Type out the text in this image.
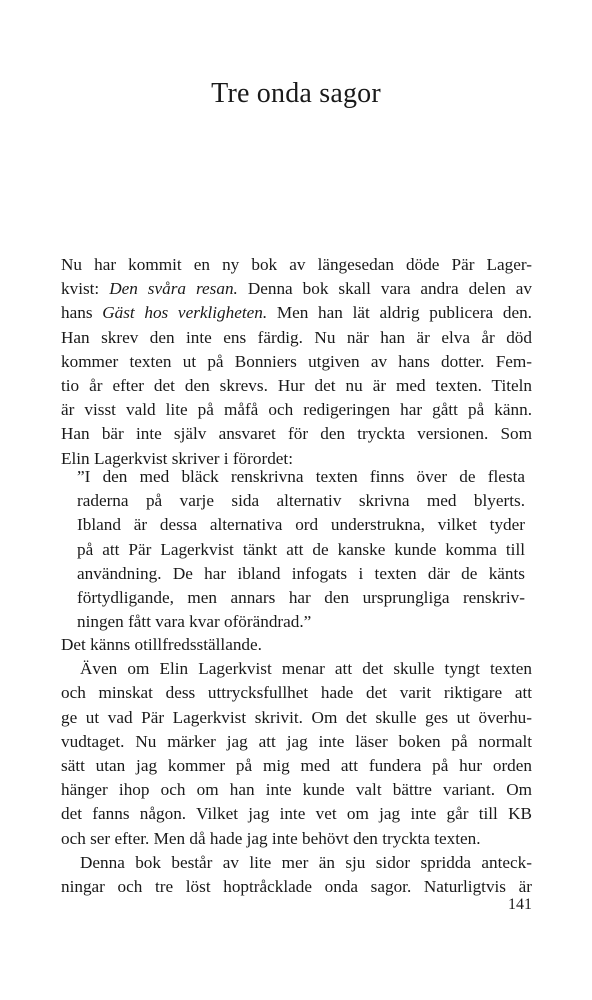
Tre onda sagor
Nu har kommit en ny bok av längesedan döde Pär Lager-
kvist: Den svåra resan. Denna bok skall vara andra delen av
hans Gäst hos verkligheten. Men han lät aldrig publicera den.
Han skrev den inte ens färdig. Nu när han är elva år död
kommer texten ut på Bonniers utgiven av hans dotter. Fem-
tio år efter det den skrevs. Hur det nu är med texten. Titeln
är visst vald lite på måfå och redigeringen har gått på känn.
Han bär inte själv ansvaret för den tryckta versionen. Som
Elin Lagerkvist skriver i förordet:
”I den med bläck renskrivna texten finns över de flesta
raderna på varje sida alternativ skrivna med blyerts.
Ibland är dessa alternativa ord understrukna, vilket tyder
på att Pär Lagerkvist tänkt att de kanske kunde komma till
användning. De har ibland infogats i texten där de känts
förtydligande, men annars har den ursprungliga renskriv-
ningen fått vara kvar oförändrad.”
Det känns otillfredsställande.
Även om Elin Lagerkvist menar att det skulle tyngt texten
och minskat dess uttrycksfullhet hade det varit riktigare att
ge ut vad Pär Lagerkvist skrivit. Om det skulle ges ut överhu-
vudtaget. Nu märker jag att jag inte läser boken på normalt
sätt utan jag kommer på mig med att fundera på hur orden
hänger ihop och om han inte kunde valt bättre variant. Om
det fanns någon. Vilket jag inte vet om jag inte går till KB
och ser efter. Men då hade jag inte behövt den tryckta texten.
Denna bok består av lite mer än sju sidor spridda anteck-
ningar och tre löst hoptråcklade onda sagor. Naturligtvis är
141
